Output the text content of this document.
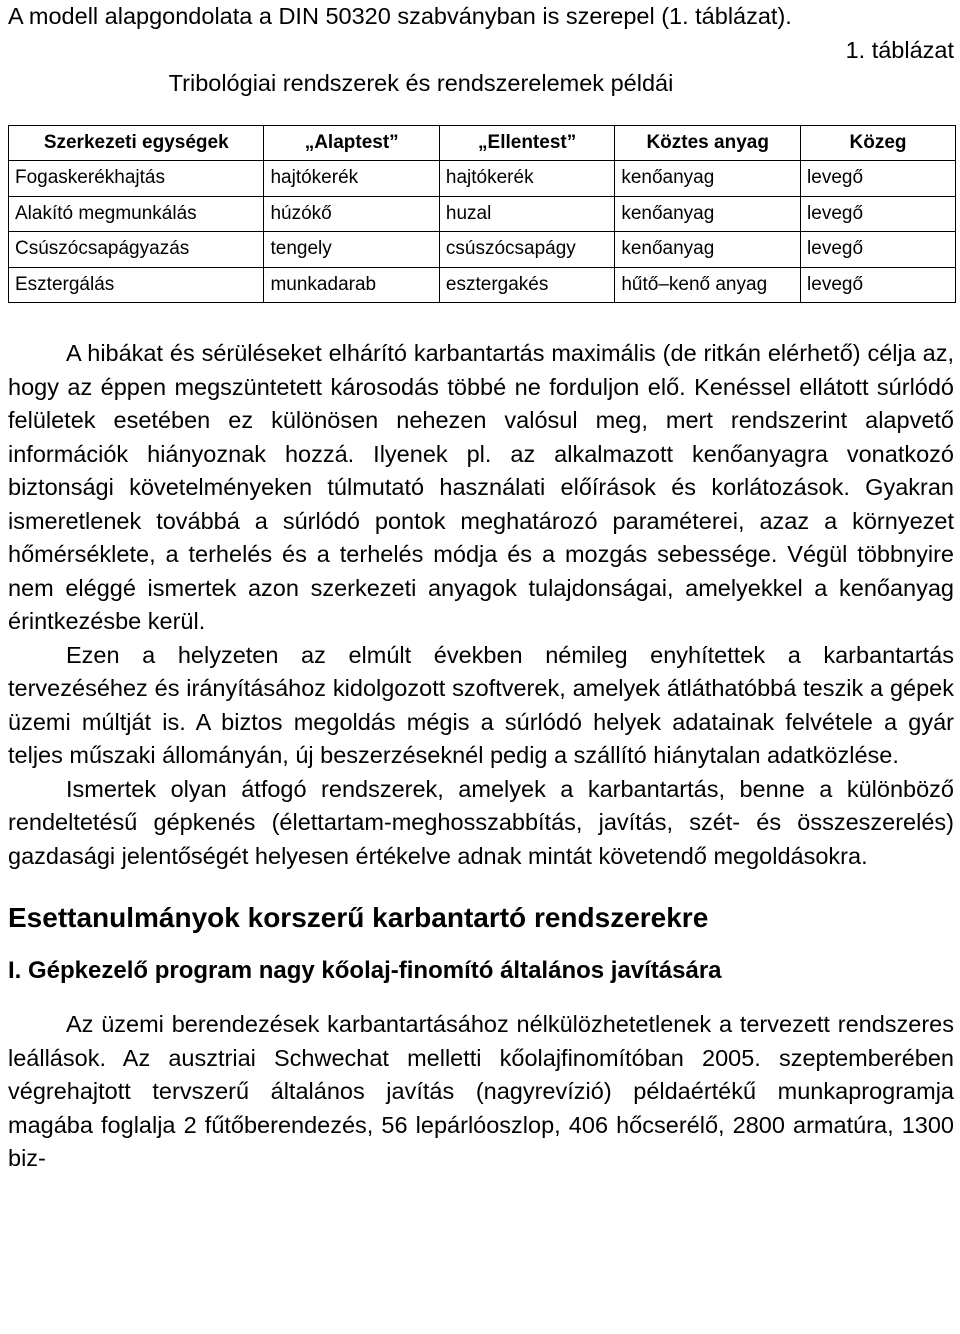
A modell alapgondolata a DIN 50320 szabványban is szerepel (1. táblázat).

1. táblázat

Tribológiai rendszerek és rendszerelemek példái

Szerkezeti egységek	„Alaptest”	„Ellentest”	Köztes anyag	Közeg
Fogaskerékhajtás	hajtókerék	hajtókerék	kenőanyag	levegő
Alakító megmunkálás	húzókő	huzal	kenőanyag	levegő
Csúszócsapágyazás	tengely	csúszócsapágy	kenőanyag	levegő
Esztergálás	munkadarab	esztergakés	hűtő–kenő anyag	levegő

A hibákat és sérüléseket elhárító karbantartás maximális (de ritkán elérhető) célja az, hogy az éppen megszüntetett károsodás többé ne forduljon elő. Kenéssel ellátott súrlódó felületek esetében ez különösen nehezen valósul meg, mert rendszerint alapvető információk hiányoznak hozzá. Ilyenek pl. az alkalmazott kenőanyagra vonatkozó biztonsági követelményeken túlmutató használati előírások és korlátozások. Gyakran ismeretlenek továbbá a súrlódó pontok meghatározó paraméterei, azaz a környezet hőmérséklete, a terhelés és a terhelés módja és a mozgás sebessége. Végül többnyire nem eléggé ismertek azon szerkezeti anyagok tulajdonságai, amelyekkel a kenőanyag érintkezésbe kerül.

Ezen a helyzeten az elmúlt években némileg enyhítettek a karbantartás tervezéséhez és irányításához kidolgozott szoftverek, amelyek átláthatóbbá teszik a gépek üzemi múltját is. A biztos megoldás mégis a súrlódó helyek adatainak felvétele a gyár teljes műszaki állományán, új beszerzéseknél pedig a szállító hiánytalan adatközlése.

Ismertek olyan átfogó rendszerek, amelyek a karbantartás, benne a különböző rendeltetésű gépkenés (élettartam-meghosszabbítás, javítás, szét- és összeszerelés) gazdasági jelentőségét helyesen értékelve adnak mintát követendő megoldásokra.

Esettanulmányok korszerű karbantartó rendszerekre
I. Gépkezelő program nagy kőolaj-finomító általános javítására

Az üzemi berendezések karbantartásához nélkülözhetetlenek a tervezett rendszeres leállások. Az ausztriai Schwechat melletti kőolajfinomítóban 2005. szeptemberében végrehajtott tervszerű általános javítás (nagyrevízió) példaértékű munkaprogramja magába foglalja 2 fűtőberendezés, 56 lepárlóoszlop, 406 hőcserélő, 2800 armatúra, 1300 biz-
